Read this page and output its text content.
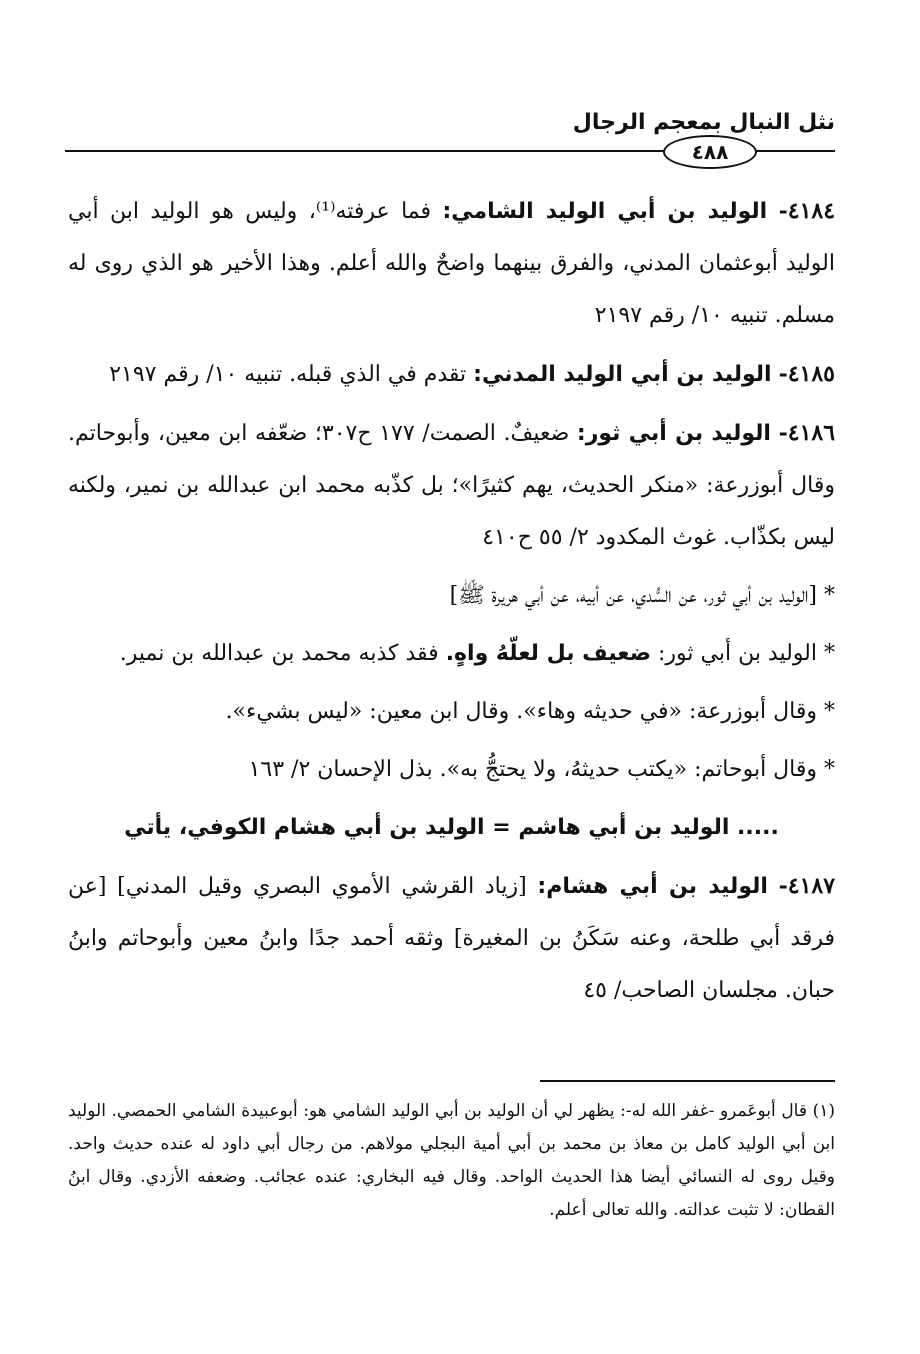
نثل النبال بمعجم الرجال
٤٨٨

٤١٨٤- الوليد بن أبي الوليد الشامي: فما عرفته⁽¹⁾، وليس هو الوليد ابن أبي الوليد أبوعثمان المدني، والفرق بينهما واضحٌ والله أعلم. وهذا الأخير هو الذي روى له مسلم. تنبيه ١٠/ رقم ٢١٩٧

٤١٨٥- الوليد بن أبي الوليد المدني: تقدم في الذي قبله. تنبيه ١٠/ رقم ٢١٩٧

٤١٨٦- الوليد بن أبي ثور: ضعيفٌ. الصمت/ ١٧٧ ح٣٠٧؛ ضعّفه ابن معين، وأبوحاتم. وقال أبوزرعة: «منكر الحديث، يهم كثيرًا»؛ بل كذّبه محمد ابن عبدالله بن نمير، ولكنه ليس بكذّاب. غوث المكدود ٢/ ٥٥ ح٤١٠

* [الوليد بن أبي ثور، عن السُّدي، عن أبيه، عن أبي هريرة ﷺ]

* الوليد بن أبي ثور: ضعيف بل لعلّهُ واهٍ. فقد كذبه محمد بن عبدالله بن نمير.

* وقال أبوزرعة: «في حديثه وهاء». وقال ابن معين: «ليس بشيء».

* وقال أبوحاتم: «يكتب حديثهُ، ولا يحتجُّ به». بذل الإحسان ٢/ ١٦٣

..... الوليد بن أبي هاشم = الوليد بن أبي هشام الكوفي، يأتي

٤١٨٧- الوليد بن أبي هشام: [زياد القرشي الأموي البصري وقيل المدني] [عن فرقد أبي طلحة، وعنه سَكَنُ بن المغيرة] وثقه أحمد جدًا وابنُ معين وأبوحاتم وابنُ حبان. مجلسان الصاحب/ ٤٥

(١) قال أبوعَمرو -غفر الله له-: يظهر لي أن الوليد بن أبي الوليد الشامي هو: أبوعبيدة الشامي الحمصي. الوليد ابن أبي الوليد كامل بن معاذ بن محمد بن أبي أمية البجلي مولاهم. من رجال أبي داود له عنده حديث واحد. وقيل روى له النسائي أيضا هذا الحديث الواحد. وقال فيه البخاري: عنده عجائب. وضعفه الأزدي. وقال ابنُ القطان: لا تثبت عدالته. والله تعالى أعلم.
